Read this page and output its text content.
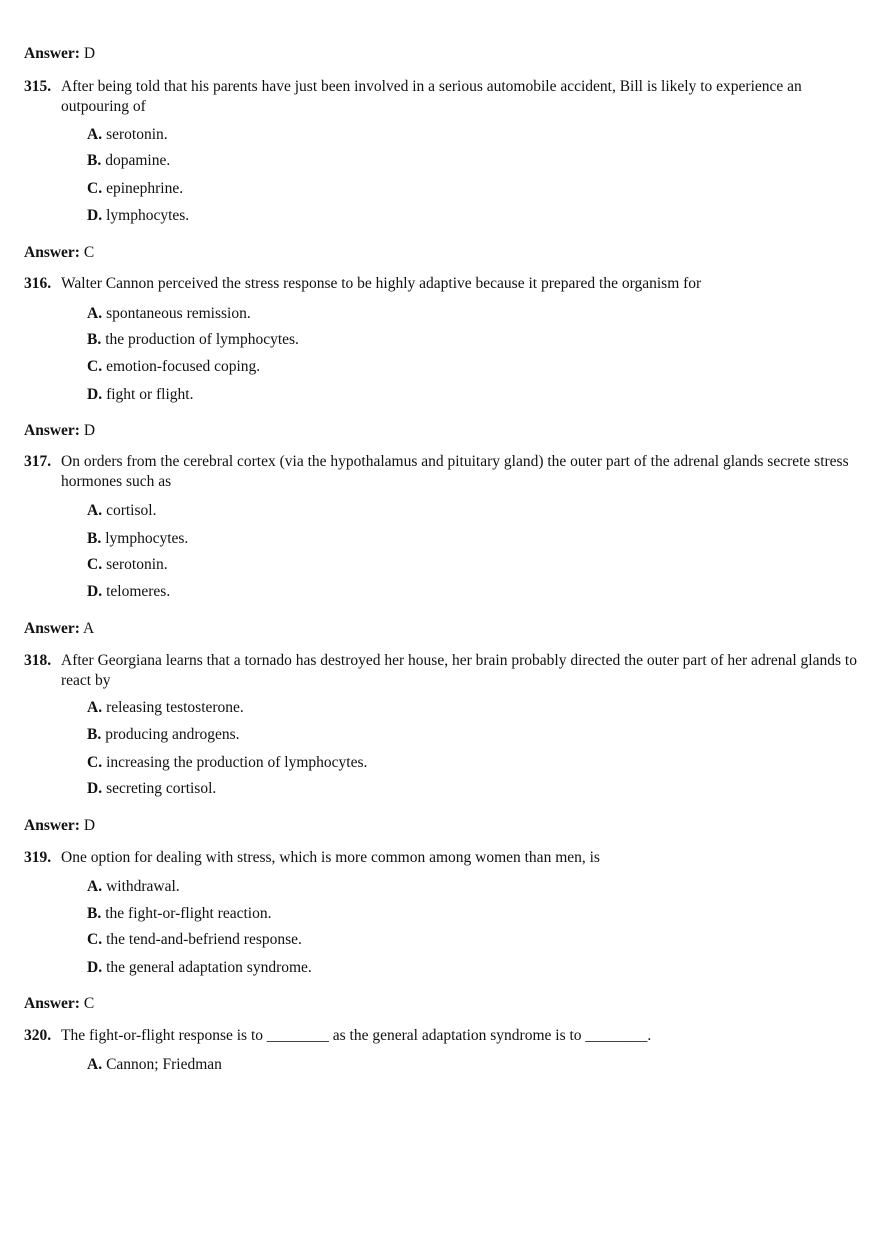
Answer: D
315. After being told that his parents have just been involved in a serious automobile accident, Bill is likely to experience an outpouring of
A. serotonin.
B. dopamine.
C. epinephrine.
D. lymphocytes.
Answer: C
316. Walter Cannon perceived the stress response to be highly adaptive because it prepared the organism for
A. spontaneous remission.
B. the production of lymphocytes.
C. emotion-focused coping.
D. fight or flight.
Answer: D
317. On orders from the cerebral cortex (via the hypothalamus and pituitary gland) the outer part of the adrenal glands secrete stress hormones such as
A. cortisol.
B. lymphocytes.
C. serotonin.
D. telomeres.
Answer: A
318. After Georgiana learns that a tornado has destroyed her house, her brain probably directed the outer part of her adrenal glands to react by
A. releasing testosterone.
B. producing androgens.
C. increasing the production of lymphocytes.
D. secreting cortisol.
Answer: D
319. One option for dealing with stress, which is more common among women than men, is
A. withdrawal.
B. the fight-or-flight reaction.
C. the tend-and-befriend response.
D. the general adaptation syndrome.
Answer: C
320. The fight-or-flight response is to ________ as the general adaptation syndrome is to ________.
A. Cannon; Friedman
